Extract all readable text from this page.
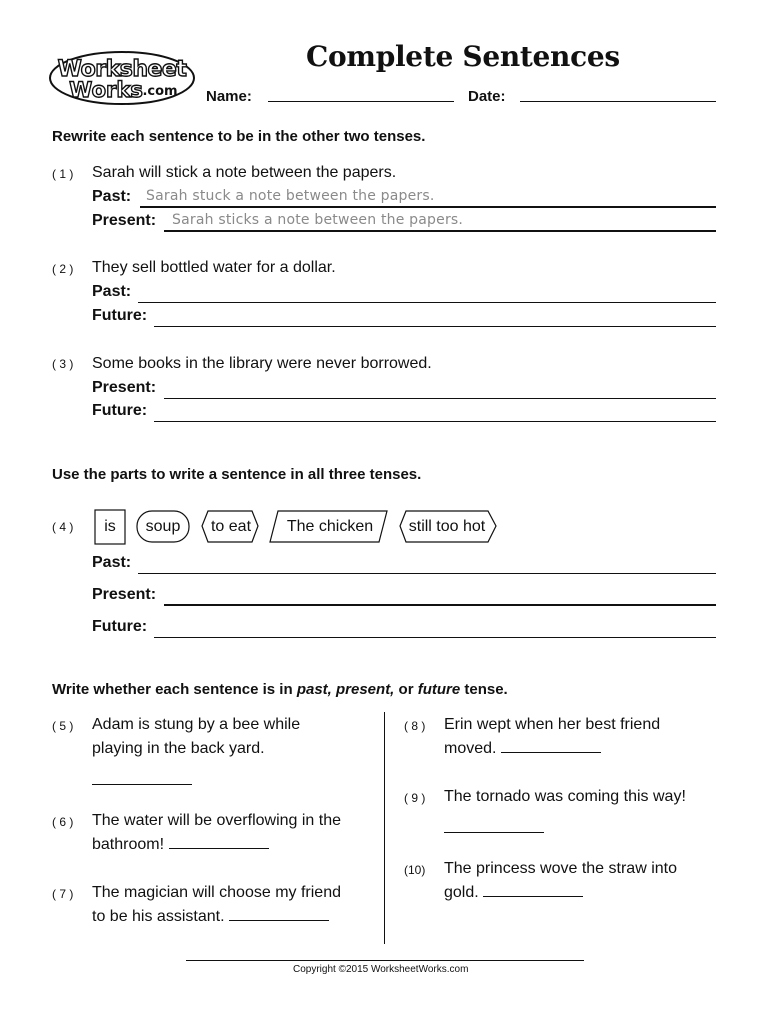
Worksheet
Works .com
Complete Sentences
Name:	Date:
Rewrite each sentence to be in the other two tenses.
( 1 ) Sarah will stick a note between the papers.
Past: Sarah stuck a note between the papers.
Present: Sarah sticks a note between the papers.
( 2 ) They sell bottled water for a dollar.
Past:
Future:
( 3 ) Some books in the library were never borrowed.
Present:
Future:
Use the parts to write a sentence in all three tenses.
( 4 )	is	soup	to eat	The chicken	still too hot
Past:
Present:
Future:
Write whether each sentence is in past, present, or future tense.
( 5 ) Adam is stung by a bee while
playing in the back yard.
( 6 ) The water will be overflowing in the
bathroom!
( 7 ) The magician will choose my friend
to be his assistant.
( 8 ) Erin wept when her best friend
moved.
( 9 ) The tornado was coming this way!
(10) The princess wove the straw into
gold.
Copyright ©2015 WorksheetWorks.com
